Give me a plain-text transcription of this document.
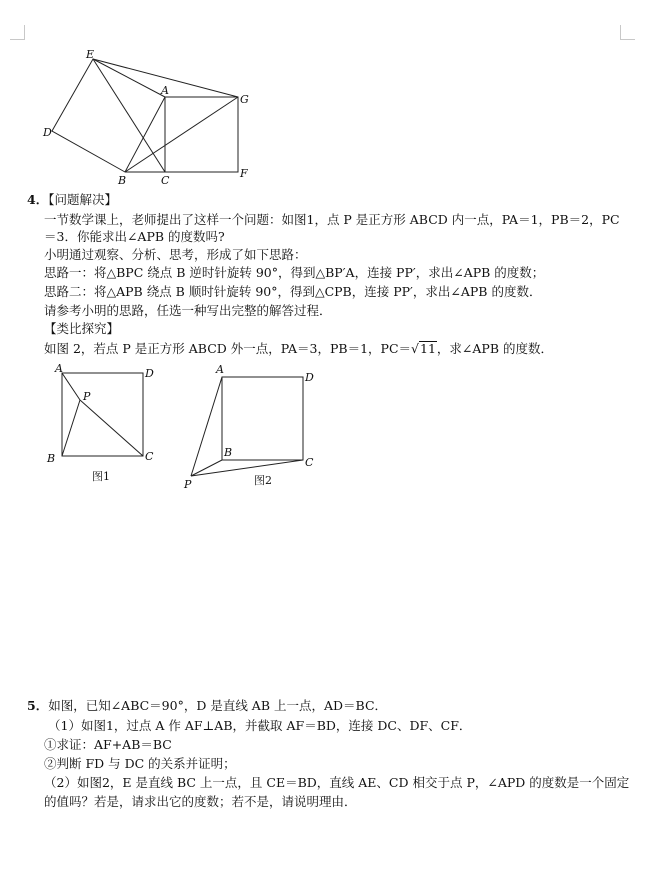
E
A
G
D
B	C
F
4．【问题解决】
一节数学课上，老师提出了这样一个问题：如图1，点 P 是正方形 ABCD 内一点，PA＝1，PB＝2，PC
＝3．你能求出∠APB 的度数吗?
小明通过观察、分析、思考，形成了如下思路：
思路一：将△BPC 绕点 B 逆时针旋转 90°，得到△BP′A，连接 PP′，求出∠APB 的度数；
思路二：将△APB 绕点 B 顺时针旋转 90°，得到△CPB，连接 PP′，求出∠APB 的度数．
请参考小明的思路，任选一种写出完整的解答过程．
【类比探究】
如图 2，若点 P 是正方形 ABCD 外一点，PA＝3，PB＝1，PC＝√11，求∠APB 的度数．
A	D
P
B	C
图1
A
D
B
C
P	图2
5．如图，已知∠ABC＝90°，D 是直线 AB 上一点，AD＝BC．
（1）如图1，过点 A 作 AF⊥AB，并截取 AF＝BD，连接 DC、DF、CF．
①求证：AF+AB＝BC
②判断 FD 与 DC 的关系并证明；
（2）如图2，E 是直线 BC 上一点，且 CE＝BD，直线 AE、CD 相交于点 P，∠APD 的度数是一个固定
的值吗？若是，请求出它的度数；若不是，请说明理由．
